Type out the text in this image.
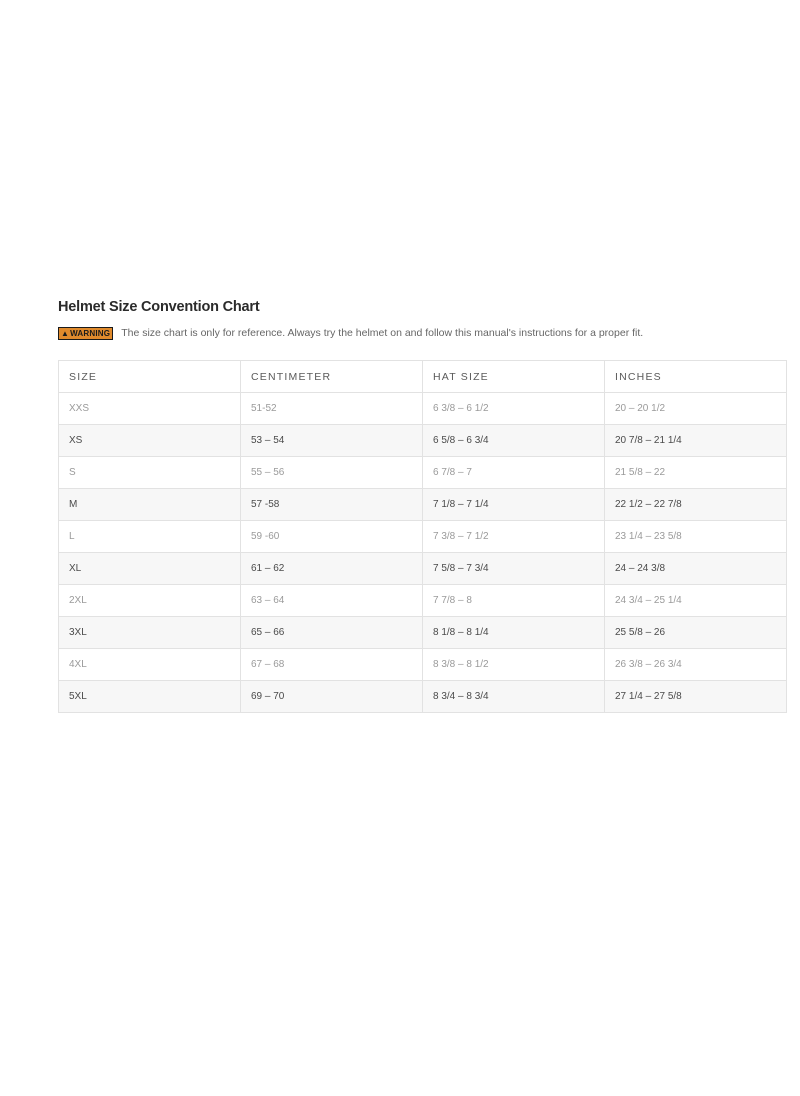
Helmet Size Convention Chart
▲ WARNING The size chart is only for reference. Always try the helmet on and follow this manual's instructions for a proper fit.
SIZE	CENTIMETER	HAT SIZE	INCHES
XXS	51-52	6 3/8 – 6 1/2	20 – 20 1/2
XS	53 – 54	6 5/8 – 6 3/4	20 7/8 – 21 1/4
S	55 – 56	6 7/8 – 7	21 5/8 – 22
M	57 -58	7 1/8 – 7 1/4	22 1/2 – 22 7/8
L	59 -60	7 3/8 – 7 1/2	23 1/4 – 23 5/8
XL	61 – 62	7 5/8 – 7 3/4	24 – 24 3/8
2XL	63 – 64	7 7/8 – 8	24 3/4 – 25 1/4
3XL	65 – 66	8 1/8 – 8 1/4	25 5/8 – 26
4XL	67 – 68	8 3/8 – 8 1/2	26 3/8 – 26 3/4
5XL	69 – 70	8 3/4 – 8 3/4	27 1/4 – 27 5/8
